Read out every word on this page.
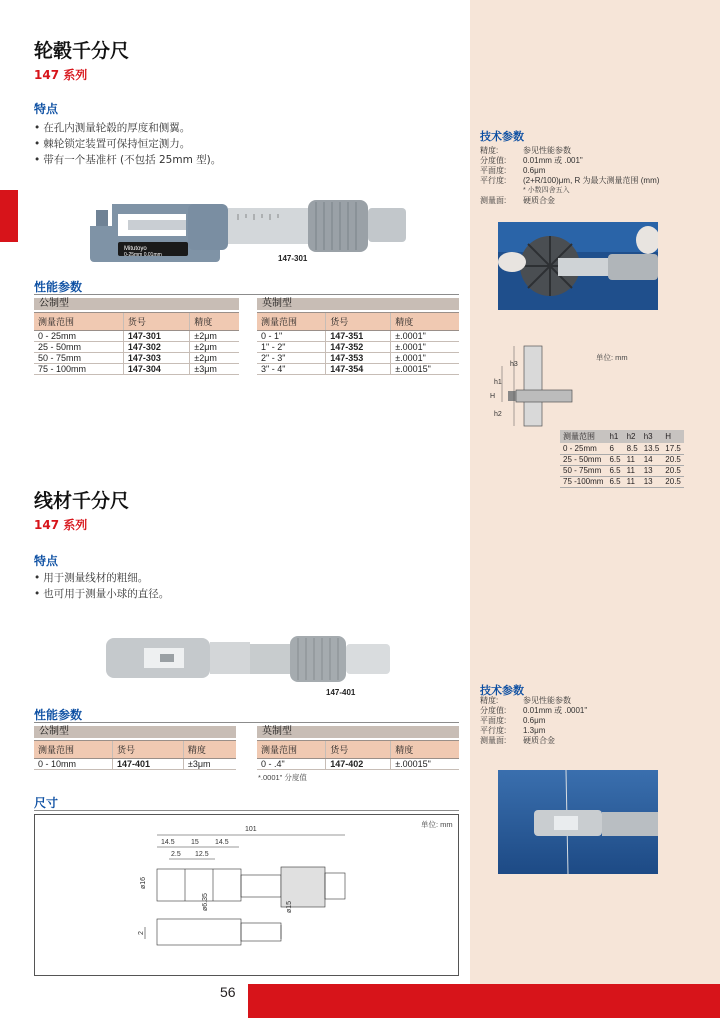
56
轮毂千分尺
147 系列
特点
• 在孔内测量轮毂的厚度和侧翼。
• 棘轮锁定装置可保持恒定测力。
• 带有一个基准杆 (不包括 25mm 型)。
Mitutoyo
0-25mm 0.01mm	147-301
性能参数
公制型
测量范围	货号	精度
0 - 25mm	147-301	±2μm
25 - 50mm	147-302	±2μm
50 - 75mm	147-303	±2μm
75 - 100mm	147-304	±3μm
英制型
测量范围	货号	精度
0 - 1"	147-351	±.0001"
1" - 2"	147-352	±.0001"
2" - 3"	147-353	±.0001"
3" - 4"	147-354	±.00015"
技术参数
精度:	参见性能参数
分度值:	0.01mm 或 .001"
平面度:	0.6μm
平行度:	(2+R/100)μm, R 为最大测量范围 (mm)
* 小数四舍五入
测量面:	硬质合金
单位: mm
h3
h1
H
h2
测量范围	h1	h2	h3	H
0 - 25mm	6	8.5	13.5	17.5
25 - 50mm	6.5	11	14	20.5
50 - 75mm	6.5	11	13	20.5
75 -100mm	6.5	11	13	20.5
线材千分尺
147 系列
特点
• 用于测量线材的粗细。
• 也可用于测量小球的直径。
147-401
性能参数
公制型
测量范围	货号	精度
0 - 10mm	147-401	±3μm
英制型
测量范围	货号	精度
0 - .4"	147-402	±.00015"
*.0001" 分度值
尺寸
单位: mm
101
14.5 15 14.5
2.5 12.5
ø16
ø6.35	ø15
2
技术参数
精度:	参见性能参数
分度值:	0.01mm 或 .0001"
平面度:	0.6μm
平行度:	1.3μm
测量面:	硬质合金
